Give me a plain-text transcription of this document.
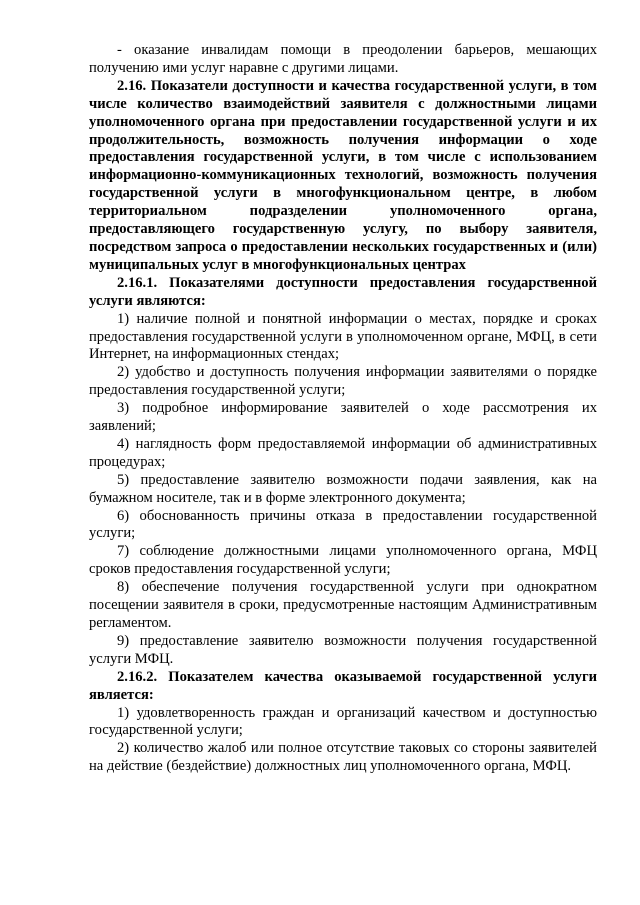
- оказание инвалидам помощи в преодолении барьеров, мешающих получению ими услуг наравне с другими лицами.

2.16. Показатели доступности и качества государственной услуги, в том числе количество взаимодействий заявителя с должностными лицами уполномоченного органа при предоставлении государственной услуги и их продолжительность, возможность получения информации о ходе предоставления государственной услуги, в том числе с использованием информационно-коммуникационных технологий, возможность получения государственной услуги в многофункциональном центре, в любом территориальном подразделении уполномоченного органа, предоставляющего государственную услугу, по выбору заявителя, посредством запроса о предоставлении нескольких государственных и (или) муниципальных услуг в многофункциональных центрах

2.16.1. Показателями доступности предоставления государственной услуги являются:

1) наличие полной и понятной информации о местах, порядке и сроках предоставления государственной услуги в уполномоченном органе, МФЦ, в сети Интернет, на информационных стендах;

2) удобство и доступность получения информации заявителями о порядке предоставления государственной услуги;

3) подробное информирование заявителей о ходе рассмотрения их заявлений;

4) наглядность форм предоставляемой информации об административных процедурах;

5) предоставление заявителю возможности подачи заявления, как на бумажном носителе, так и в форме электронного документа;

6) обоснованность причины отказа в предоставлении государственной услуги;

7) соблюдение должностными лицами уполномоченного органа, МФЦ сроков предоставления государственной услуги;

8) обеспечение получения государственной услуги при однократном посещении заявителя в сроки, предусмотренные настоящим Административным регламентом.

9) предоставление заявителю возможности получения государственной услуги МФЦ.

2.16.2. Показателем качества оказываемой государственной услуги является:

1) удовлетворенность граждан и организаций качеством и доступностью государственной услуги;

2) количество жалоб или полное отсутствие таковых со стороны заявителей на действие (бездействие) должностных лиц уполномоченного органа, МФЦ.
